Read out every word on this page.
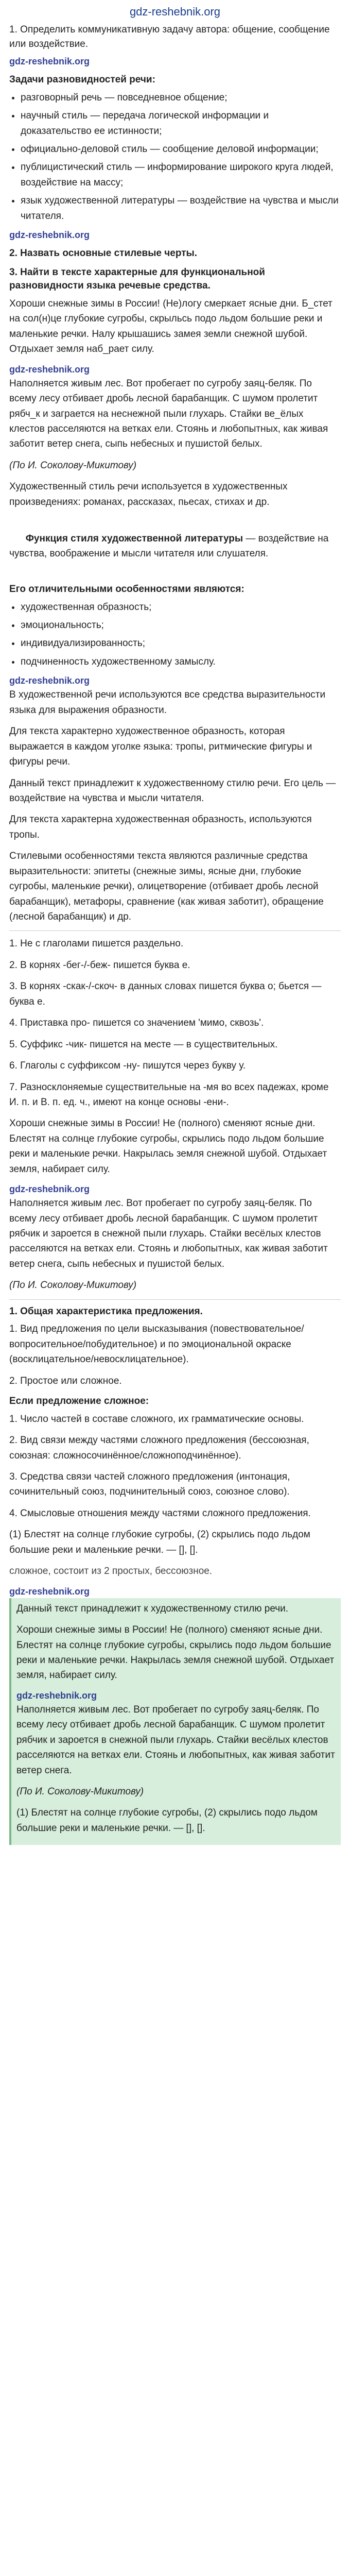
gdz-reshebnik.org
1. Определить коммуникативную задачу автора: общение, сообщение или воздействие.
gdz-reshebnik.org
Задачи разновидностей речи:
• разговорный речь — повседневное общение;
• научный стиль — передача логической информации и доказательство ее истинности;
• официально-деловой стиль — сообщение деловой информации;
• публицистический стиль — информирование широкого круга людей, воздействие на массу;
• язык художественной литературы — воздействие на чувства и мысли читателя.
gdz-reshebnik.org
2. Назвать основные стилевые черты.
3. Найти в тексте характерные для функциональной разновидности языка речевые средства.
Хороши снежные зимы в России! (Не)логу смеркает ясные дни. Б_стет на сол(н)це глубокие сугробы, скрыльсь подо льдом большие реки и маленькие речки. Налу крышашись замея земли снежной шубой. Отдыхает земля наб_рает силу.
gdz-reshebnik.org
Наполняется живым лес. Вот пробегает по сугробу заяц-беляк. По всему лесу отбивает дробь лесной барабанщик. С шумом пролетит рябч_к и заграется на неснежной пыли глухарь. Стайки ве_ёлых клестов расселяются на ветках ели. Стоянь и любопытных, как живая заботит ветер снега, сыпь небесных и пушистой белых.
(По И. Соколову-Микитову)
Художественный стиль речи используется в художественных произведениях: романах, рассказах, пьесах, стихах и др.

Функция стиля художественной литературы — воздействие на чувства, воображение и мысли читателя или слушателя.

Его отличительными особенностями являются:
• художественная образность;
• эмоциональность;
• индивидуализированность;
• подчиненность художественному замыслу.
gdz-reshebnik.org
В художественной речи используются все средства выразительности языка для выражения образности.
Для текста характерно художественное образность, которая выражается в каждом уголке языка: тропы, ритмические фигуры и фигуры речи.
Данный текст принадлежит к художественному стилю речи. Его цель — воздействие на чувства и мысли читателя.
Для текста характерна художественная образность, используются тропы.
Стилевыми особенностями текста являются различные средства выразительности: эпитеты (снежные зимы, ясные дни, глубокие сугробы, маленькие речки), олицетворение (отбивает дробь лесной барабанщик), метафоры, сравнение (как живая заботит), обращение (лесной барабанщик) и др.
1. Не с глаголами пишется раздельно.
2. В корнях -бег-/-беж- пишется буква е.
3. В корнях -скак-/-скоч- в данных словах пишется буква о; бьется — буква е.
4. Приставка про- пишется со значением 'мимо, сквозь'.
5. Суффикс -чик- пишется на месте — в существительных.
6. Глаголы с суффиксом -ну- пишутся через букву у.
7. Разносклоняемые существительные на -мя во всех падежах, кроме И. п. и В. п. ед. ч., имеют на конце основы -ени-.
Хороши снежные зимы в России! Не (полного) сменяют ясные дни. Блестят на солнце глубокие сугробы, скрылись подо льдом большие реки и маленькие речки. Накрылась земля снежной шубой. Отдыхает земля, набирает силу.
gdz-reshebnik.org
Наполняется живым лес. Вот пробегает по сугробу заяц-беляк. По всему лесу отбивает дробь лесной барабанщик. С шумом пролетит рябчик и зароется в снежной пыли глухарь. Стайки весёлых клестов расселяются на ветках ели. Стоянь и любопытных, как живая заботит ветер снега, сыпь небесных и пушистой белых.
(По И. Соколову-Микитову)
1. Общая характеристика предложения.
1. Вид предложения по цели высказывания (повествовательное/вопросительное/побудительное) и по эмоциональной окраске (восклицательное/невосклицательное).
2. Простое или сложное.
Если предложение сложное:
1. Число частей в составе сложного, их грамматические основы.
2. Вид связи между частями сложного предложения (бессоюзная, союзная: сложносочинённое/сложноподчинённое).
3. Средства связи частей сложного предложения (интонация, сочинительный союз, подчинительный союз, союзное слово).
4. Смысловые отношения между частями сложного предложения.
(1) Блестят на солнце глубокие сугробы, (2) скрылись подо льдом большие реки и маленькие речки. — [], [].
сложное, состоит из 2 простых, бессоюзное.
gdz-reshebnik.org
Данный текст принадлежит к художественному стилю речи.
Хороши снежные зимы в России! Не (полного) сменяют ясные дни. Блестят на солнце глубокие сугробы, скрылись подо льдом большие реки и маленькие речки. Накрылась земля снежной шубой. Отдыхает земля, набирает силу.
gdz-reshebnik.org
Наполняется живым лес. Вот пробегает по сугробу заяц-беляк. По всему лесу отбивает дробь лесной барабанщик. С шумом пролетит рябчик и зароется в снежной пыли глухарь. Стайки весёлых клестов расселяются на ветках ели. Стоянь и любопытных, как живая заботит ветер снега.
(По И. Соколову-Микитову)
(1) Блестят на солнце глубокие сугробы, (2) скрылись подо льдом большие реки и маленькие речки. — [], [].
